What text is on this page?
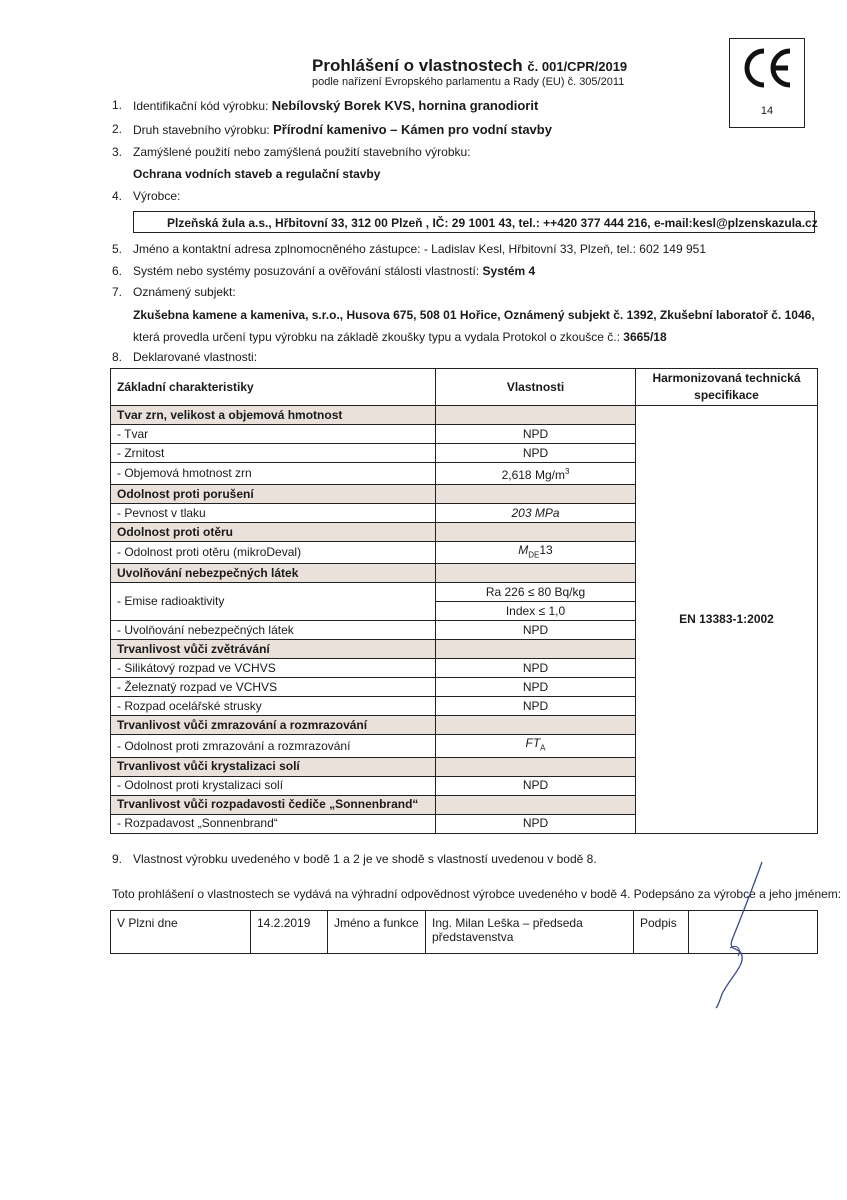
Prohlášení o vlastnostech č. 001/CPR/2019
podle nařízení Evropského parlamentu a Rady (EU) č. 305/2011
14
1. Identifikační kód výrobku: Nebílovský Borek KVS, hornina granodiorit
2. Druh stavebního výrobku: Přírodní kamenivo – Kámen pro vodní stavby
3. Zamýšlené použití nebo zamýšlená použití stavebního výrobku:
Ochrana vodních staveb a regulační stavby
4. Výrobce:
Plzeňská žula a.s., Hřbitovní 33, 312 00 Plzeň , IČ: 29 1001 43, tel.: ++420 377 444 216, e-mail:kesl@plzenskazula.cz
5. Jméno a kontaktní adresa zplnomocněného zástupce: - Ladislav Kesl, Hřbitovní 33, Plzeň, tel.: 602 149 951
6. Systém nebo systémy posuzování a ověřování stálosti vlastností: Systém 4
7. Oznámený subjekt:
Zkušebna kamene a kameniva, s.r.o., Husova 675, 508 01 Hořice, Oznámený subjekt č. 1392, Zkušební laboratoř č. 1046,
která provedla určení typu výrobku na základě zkoušky typu a vydala Protokol o zkoušce č.: 3665/18
8. Deklarované vlastnosti:
Základní charakteristiky	Vlastnosti	Harmonizovaná technická specifikace
Tvar zrn, velikost a objemová hmotnost		EN 13383-1:2002
- Tvar	NPD	
- Zrnitost	NPD	
- Objemová hmotnost zrn	2,618 $Mg/m^3$
Odolnost proti porušení		
- Pevnost v tlaku	203 MPa	
Odolnost proti otěru		
- Odolnost proti otěru (mikroDeval)	$M_{DE}13$	
Uvolňování nebezpečných látek		
- Emise radioaktivity	Ra 226 ≤ 80 Bq/kg	
	Index ≤ 1,0	
- Uvolňování nebezpečných látek	NPD	
Trvanlivost vůči zvětrávání		
- Silikátový rozpad ve VCHVS	NPD	
- Železnatý rozpad ve VCHVS	NPD	
- Rozpad ocelářské strusky	NPD	
Trvanlivost vůči zmrazování a rozmrazování		
- Odolnost proti zmrazování a rozmrazování	$FT_A$
Trvanlivost vůči krystalizaci solí		
- Odolnost proti krystalizaci solí	NPD	
Trvanlivost vůči rozpadavosti čediče „Sonnenbrand“		
- Rozpadavost „Sonnenbrand“	NPD	
9. Vlastnost výrobku uvedeného v bodě 1 a 2 je ve shodě s vlastností uvedenou v bodě 8.
Toto prohlášení o vlastnostech se vydává na výhradní odpovědnost výrobce uvedeného v bodě 4. Podepsáno za výrobce a jeho jménem:
V Plzni dne	14.2.2019	Jméno a funkce	Ing. Milan Leška – předseda představenstva	Podpis	
